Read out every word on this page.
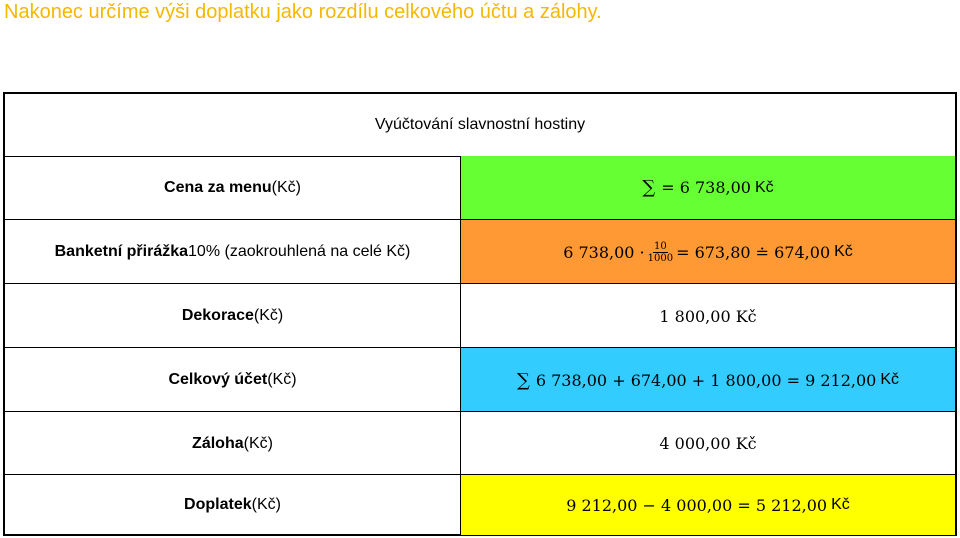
Nakonec určíme výši doplatku jako rozdílu celkového účtu a zálohy.
Vyúčtování slavnostní hostiny
Cena za menu (Kč)	∑ = 6 738,00 Kč
Banketní přirážka 10% (zaokrouhlená na celé Kč)	6 $738,00 \cdot \frac{10}{1000} = 673,80$ ≐ 674,00 Kč
Dekorace (Kč)	1 800,00 Kč
Celkový účet (Kč)	∑ 6 738,00 + 674,00 + 1 800,00 = 9 212,00 Kč
Záloha (Kč)	4 000,00 Kč
Doplatek (Kč)	9 212,00 − 4 000,00 = 5 212,00 Kč
